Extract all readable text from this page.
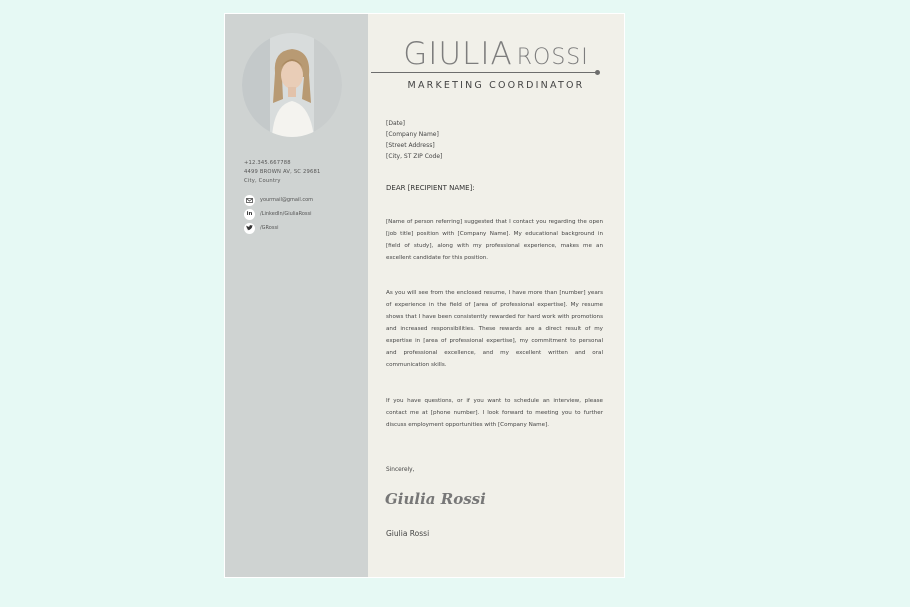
+12.345.667788
4499 BROWN AV, SC 29681
City, Country
yourmail@gmail.com
in	/LinkedIn/GiuliaRossi
/GRossi
GIULIA ROSSI
MARKETING COORDINATOR
[Date]
[Company Name]
[Street Address]
[City, ST ZIP Code]
DEAR [RECIPIENT NAME]:
[Name of person referring] suggested that I contact you regarding the open [job title] position with [Company Name]. My educational background in [field of study], along with my professional experience, makes me an excellent candidate for this position.
As you will see from the enclosed resume, I have more than [number] years of experience in the field of [area of professional expertise]. My resume shows that I have been consistently rewarded for hard work with promotions and increased responsibilities. These rewards are a direct result of my expertise in [area of professional expertise], my commitment to personal and professional excellence, and my excellent written and oral communication skills.
If you have questions, or if you want to schedule an interview, please contact me at [phone number]. I look forward to meeting you to further discuss employment opportunities with [Company Name].
Sincerely,
Giulia Rossi
Giulia Rossi
